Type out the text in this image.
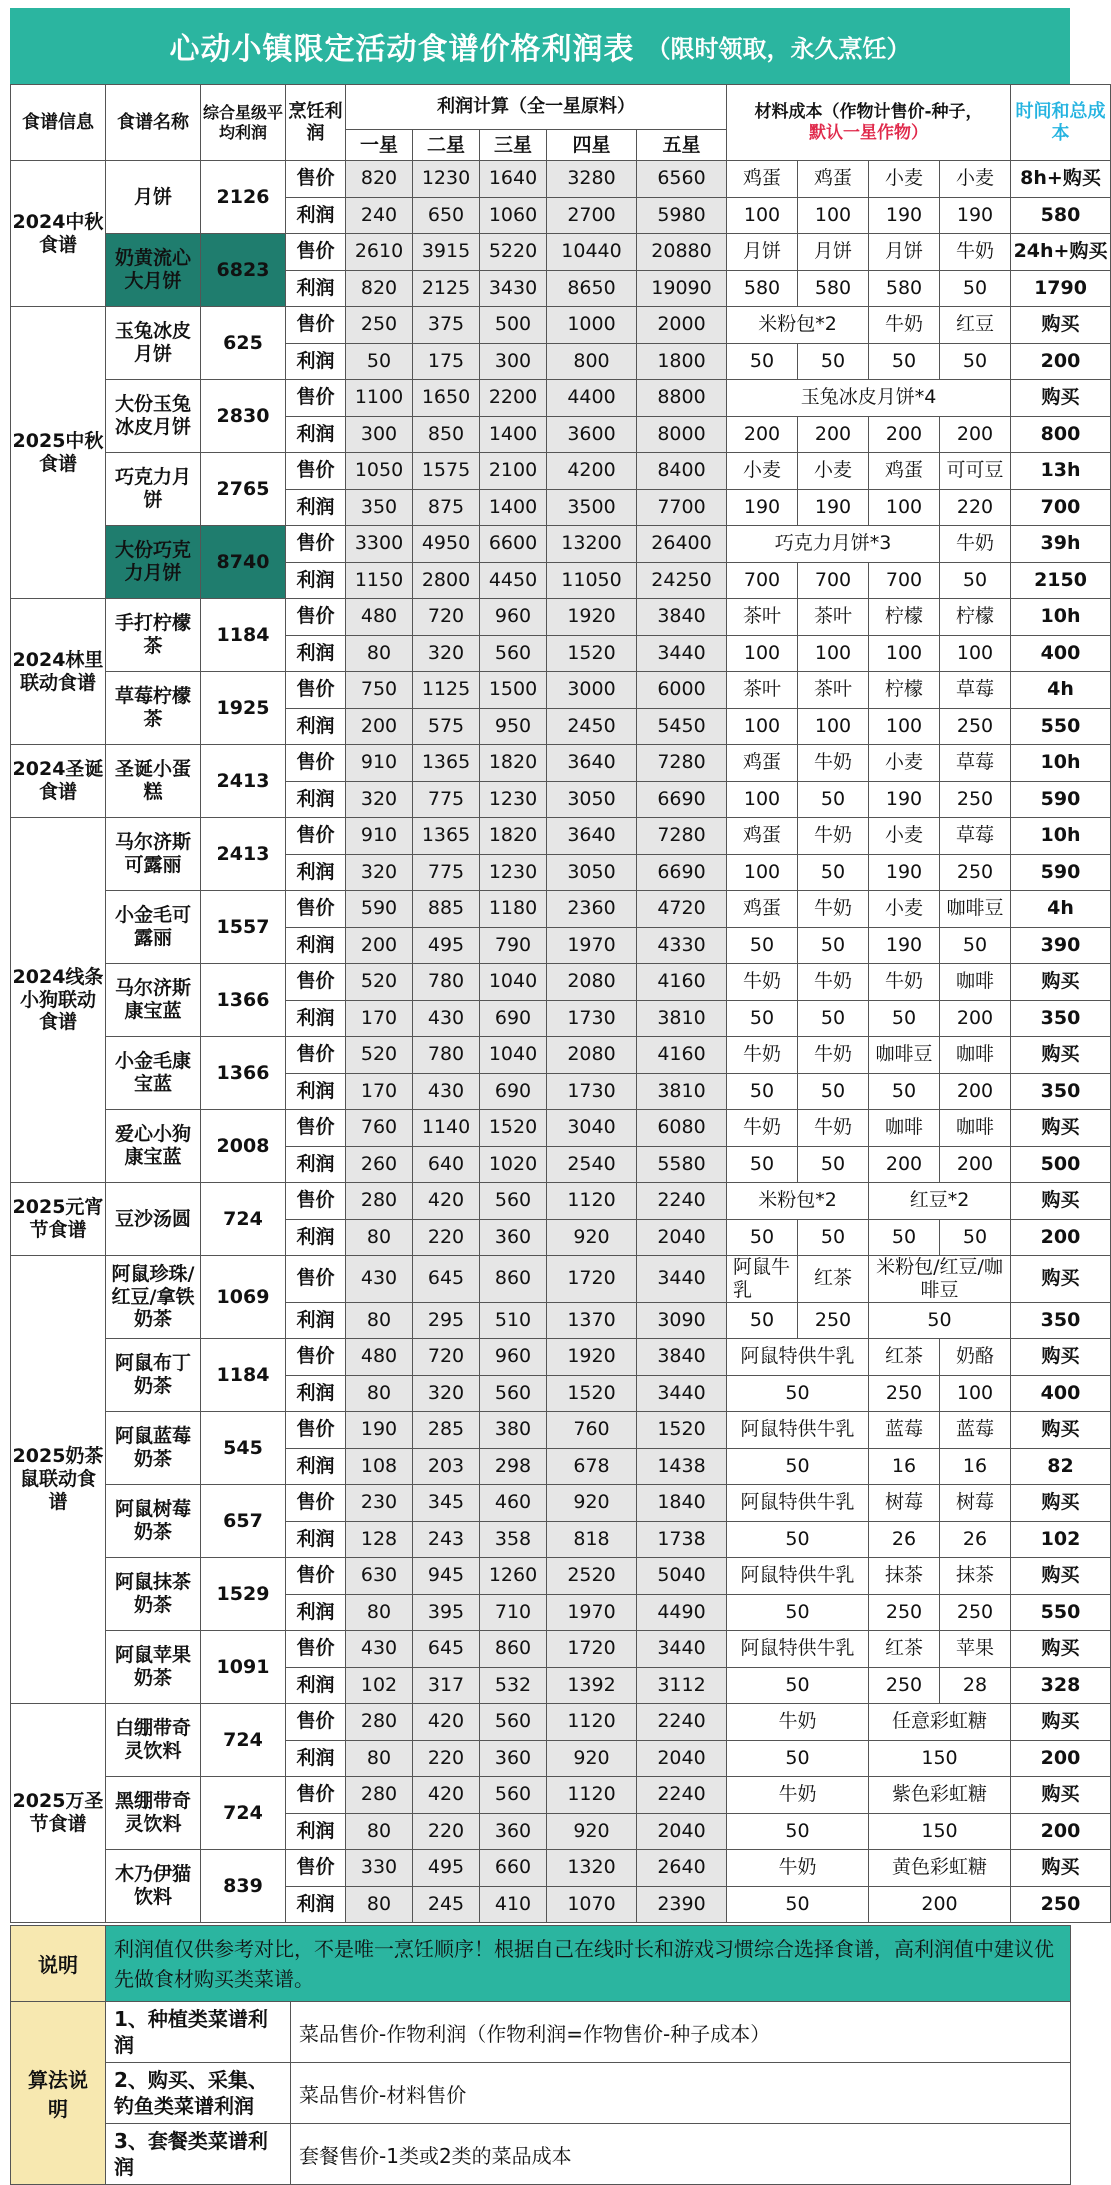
心动小镇限定活动食谱价格利润表 （限时领取，永久烹饪）
食谱信息	食谱名称	综合星级平均利润	烹饪利润	利润计算（全一星原料）					材料成本（作物计售价-种子，
默认一星作物）				时间和总成本
				一星	二星	三星	四星	五星					
2024中秋食谱	月饼	2126	售价	820	1230	1640	3280	6560	鸡蛋	鸡蛋	小麦	小麦	8h+购买
			利润	240	650	1060	2700	5980	100	100	190	190	580
	奶黄流心大月饼	6823	售价	2610	3915	5220	10440	20880	月饼	月饼	月饼	牛奶	24h+购买
			利润	820	2125	3430	8650	19090	580	580	580	50	1790
2025中秋食谱	玉兔冰皮月饼	625	售价	250	375	500	1000	2000	米粉包*2		牛奶	红豆	购买
			利润	50	175	300	800	1800	50	50	50	50	200
	大份玉兔冰皮月饼	2830	售价	1100	1650	2200	4400	8800	玉兔冰皮月饼*4				购买
			利润	300	850	1400	3600	8000	200	200	200	200	800
	巧克力月饼	2765	售价	1050	1575	2100	4200	8400	小麦	小麦	鸡蛋	可可豆	13h
			利润	350	875	1400	3500	7700	190	190	100	220	700
	大份巧克力月饼	8740	售价	3300	4950	6600	13200	26400	巧克力月饼*3			牛奶	39h
			利润	1150	2800	4450	11050	24250	700	700	700	50	2150
2024林里联动食谱	手打柠檬茶	1184	售价	480	720	960	1920	3840	茶叶	茶叶	柠檬	柠檬	10h
			利润	80	320	560	1520	3440	100	100	100	100	400
	草莓柠檬茶	1925	售价	750	1125	1500	3000	6000	茶叶	茶叶	柠檬	草莓	4h
			利润	200	575	950	2450	5450	100	100	100	250	550
2024圣诞食谱	圣诞小蛋糕	2413	售价	910	1365	1820	3640	7280	鸡蛋	牛奶	小麦	草莓	10h
			利润	320	775	1230	3050	6690	100	50	190	250	590
2024线条小狗联动食谱	马尔济斯可露丽	2413	售价	910	1365	1820	3640	7280	鸡蛋	牛奶	小麦	草莓	10h
			利润	320	775	1230	3050	6690	100	50	190	250	590
	小金毛可露丽	1557	售价	590	885	1180	2360	4720	鸡蛋	牛奶	小麦	咖啡豆	4h
			利润	200	495	790	1970	4330	50	50	190	50	390
	马尔济斯康宝蓝	1366	售价	520	780	1040	2080	4160	牛奶	牛奶	牛奶	咖啡	购买
			利润	170	430	690	1730	3810	50	50	50	200	350
	小金毛康宝蓝	1366	售价	520	780	1040	2080	4160	牛奶	牛奶	咖啡豆	咖啡	购买
			利润	170	430	690	1730	3810	50	50	50	200	350
	爱心小狗康宝蓝	2008	售价	760	1140	1520	3040	6080	牛奶	牛奶	咖啡	咖啡	购买
			利润	260	640	1020	2540	5580	50	50	200	200	500
2025元宵节食谱	豆沙汤圆	724	售价	280	420	560	1120	2240	米粉包*2		红豆*2		购买
			利润	80	220	360	920	2040	50	50	50	50	200
2025奶茶鼠联动食谱	阿鼠珍珠/红豆/拿铁奶茶	1069	售价	430	645	860	1720	3440	阿鼠牛乳	红茶	米粉包/红豆/咖啡豆		购买
			利润	80	295	510	1370	3090	50	250	50		350
	阿鼠布丁奶茶	1184	售价	480	720	960	1920	3840	阿鼠特供牛乳		红茶	奶酪	购买
			利润	80	320	560	1520	3440	50		250	100	400
	阿鼠蓝莓奶茶	545	售价	190	285	380	760	1520	阿鼠特供牛乳		蓝莓	蓝莓	购买
			利润	108	203	298	678	1438	50		16	16	82
	阿鼠树莓奶茶	657	售价	230	345	460	920	1840	阿鼠特供牛乳		树莓	树莓	购买
			利润	128	243	358	818	1738	50		26	26	102
	阿鼠抹茶奶茶	1529	售价	630	945	1260	2520	5040	阿鼠特供牛乳		抹茶	抹茶	购买
			利润	80	395	710	1970	4490	50		250	250	550
	阿鼠苹果奶茶	1091	售价	430	645	860	1720	3440	阿鼠特供牛乳		红茶	苹果	购买
			利润	102	317	532	1392	3112	50		250	28	328
2025万圣节食谱	白绷带奇灵饮料	724	售价	280	420	560	1120	2240	牛奶		任意彩虹糖		购买
			利润	80	220	360	920	2040	50		150		200
	黑绷带奇灵饮料	724	售价	280	420	560	1120	2240	牛奶		紫色彩虹糖		购买
			利润	80	220	360	920	2040	50		150		200
	木乃伊猫饮料	839	售价	330	495	660	1320	2640	牛奶		黄色彩虹糖		购买
			利润	80	245	410	1070	2390	50		200		250
说明	利润值仅供参考对比，不是唯一烹饪顺序！根据自己在线时长和游戏习惯综合选择食谱，高利润值中建议优先做食材购买类菜谱。	
算法说明	1、种植类菜谱利润	菜品售价-作物利润（作物利润=作物售价-种子成本）
	2、购买、采集、钓鱼类菜谱利润	菜品售价-材料售价
	3、套餐类菜谱利润	套餐售价-1类或2类的菜品成本
